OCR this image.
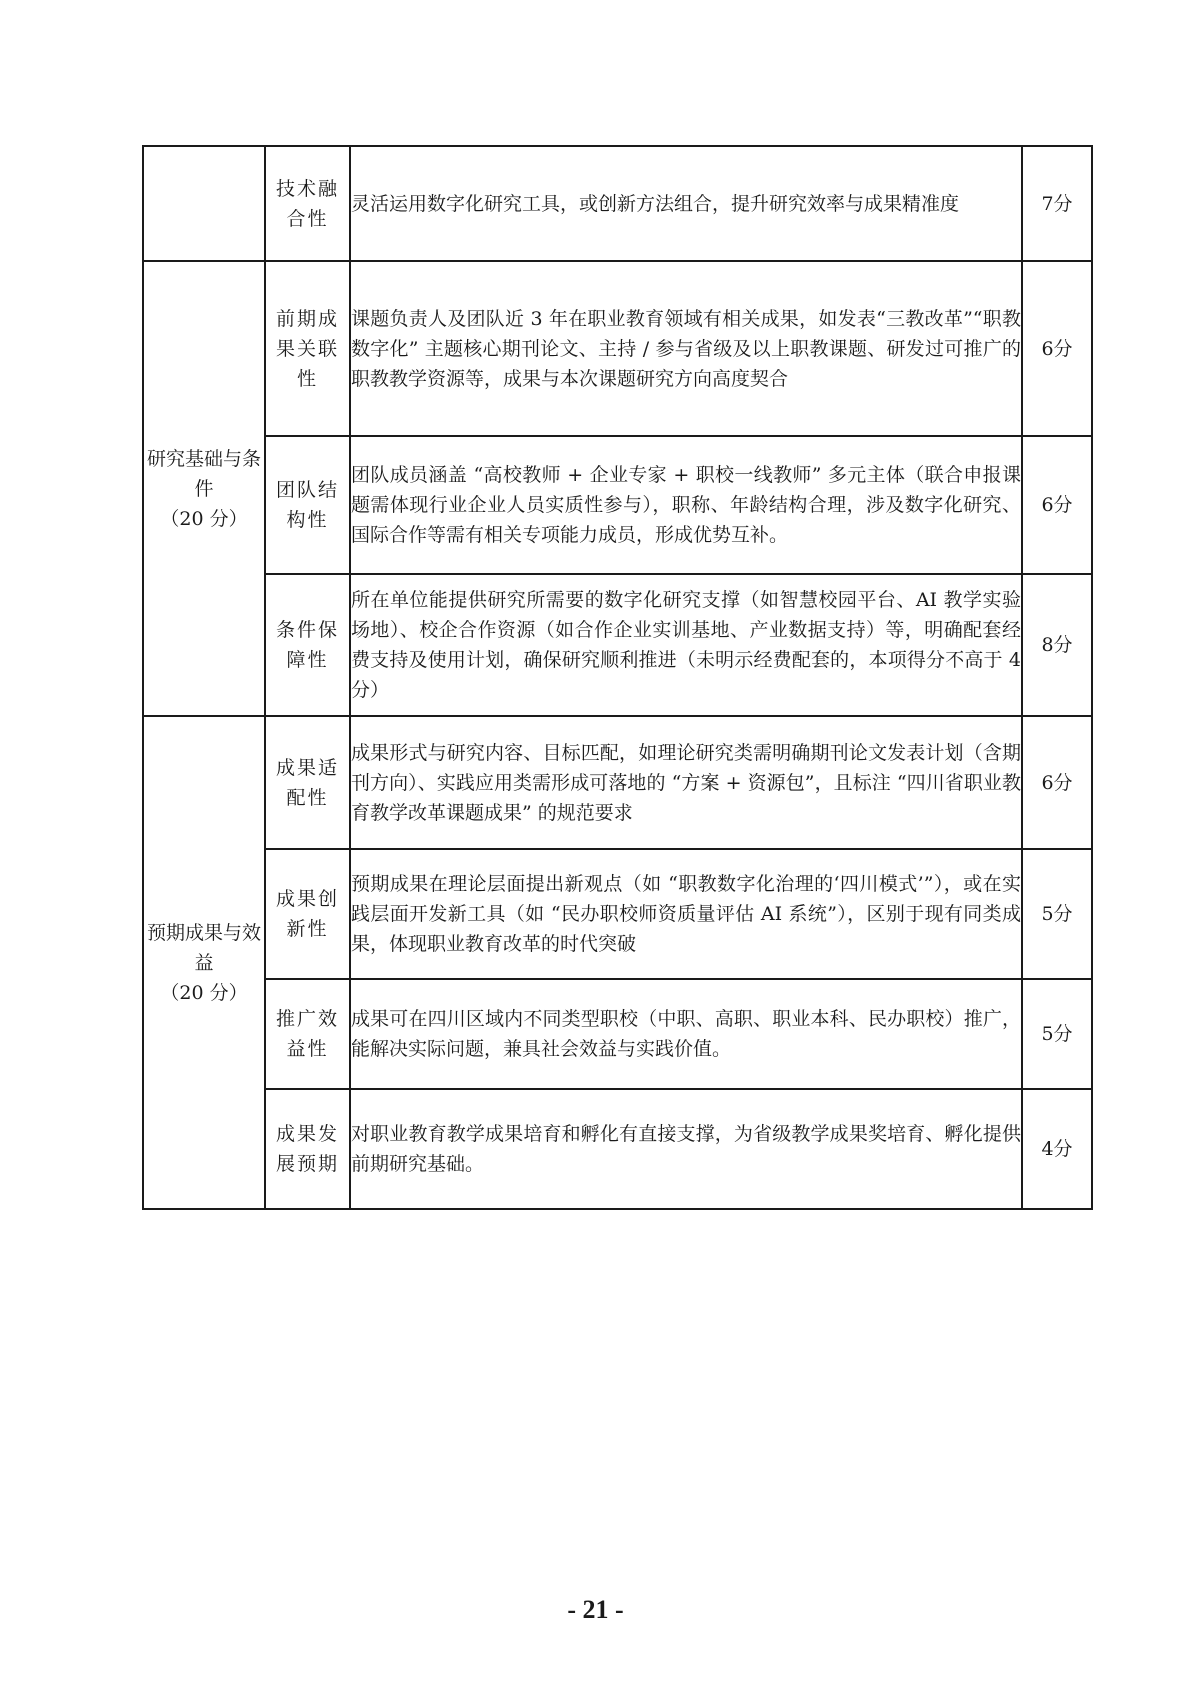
	技术融合性	灵活运用数字化研究工具，或创新方法组合，提升研究效率与成果精准度	7分

研究基础与条件
（20 分）	前期成果关联性	课题负责人及团队近 3 年在职业教育领域有相关成果，如发表“三教改革”“职教数字化” 主题核心期刊论文、主持 / 参与省级及以上职教课题、研发过可推广的职教教学资源等，成果与本次课题研究方向高度契合	6分
	团队结构性	团队成员涵盖 “高校教师 + 企业专家 + 职校一线教师” 多元主体（联合申报课题需体现行业企业人员实质性参与），职称、年龄结构合理，涉及数字化研究、国际合作等需有相关专项能力成员，形成优势互补。	6分
	条件保障性	所在单位能提供研究所需要的数字化研究支撑（如智慧校园平台、AI 教学实验场地）、校企合作资源（如合作企业实训基地、产业数据支持）等，明确配套经费支持及使用计划，确保研究顺利推进（未明示经费配套的，本项得分不高于 4 分）	8分

预期成果与效益
（20 分）	成果适配性	成果形式与研究内容、目标匹配，如理论研究类需明确期刊论文发表计划（含期刊方向）、实践应用类需形成可落地的 “方案 + 资源包”，且标注 “四川省职业教育教学改革课题成果” 的规范要求	6分
	成果创新性	预期成果在理论层面提出新观点（如 “职教数字化治理的‘四川模式’”），或在实践层面开发新工具（如 “民办职校师资质量评估 AI 系统”），区别于现有同类成果，体现职业教育改革的时代突破	5分
	推广效益性	成果可在四川区域内不同类型职校（中职、高职、职业本科、民办职校）推广，能解决实际问题，兼具社会效益与实践价值。	5分
	成果发展预期	对职业教育教学成果培育和孵化有直接支撑，为省级教学成果奖培育、孵化提供前期研究基础。	4分
- 21 -
